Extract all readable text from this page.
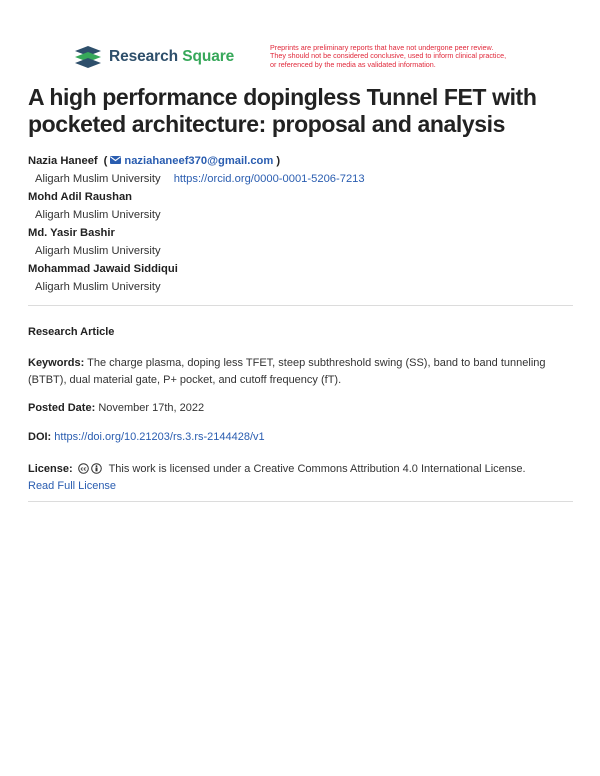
Research Square
Preprints are preliminary reports that have not undergone peer review.
They should not be considered conclusive, used to inform clinical practice,
or referenced by the media as validated information.
A high performance dopingless Tunnel FET with pocketed architecture: proposal and analysis
Nazia Haneef ( naziahaneef370@gmail.com )
Aligarh Muslim University https://orcid.org/0000-0001-5206-7213
Mohd Adil Raushan
Aligarh Muslim University
Md. Yasir Bashir
Aligarh Muslim University
Mohammad Jawaid Siddiqui
Aligarh Muslim University
Research Article
Keywords: The charge plasma, doping less TFET, steep subthreshold swing (SS), band to band tunneling (BTBT), dual material gate, P+ pocket, and cutoff frequency (fT).
Posted Date: November 17th, 2022
DOI: https://doi.org/10.21203/rs.3.rs-2144428/v1
License: cc This work is licensed under a Creative Commons Attribution 4.0 International License.
Read Full License
